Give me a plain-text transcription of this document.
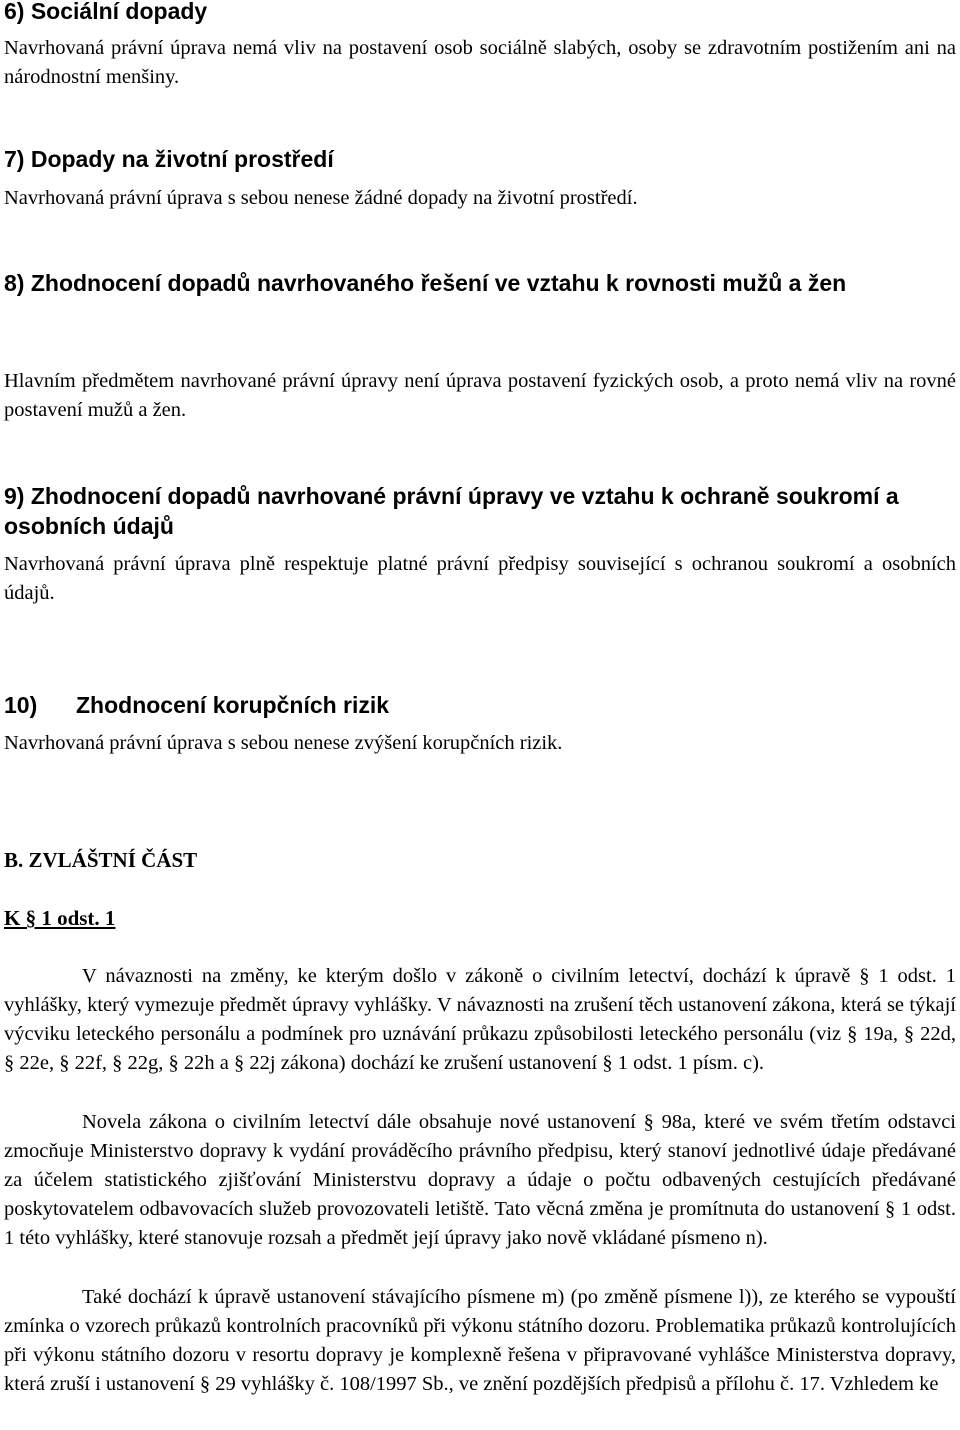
6) Sociální dopady

Navrhovaná právní úprava nemá vliv na postavení osob sociálně slabých, osoby se zdravotním postižením ani na národnostní menšiny.

7) Dopady na životní prostředí

Navrhovaná právní úprava s sebou nenese žádné dopady na životní prostředí.

8) Zhodnocení dopadů navrhovaného řešení ve vztahu k rovnosti mužů a žen

Hlavním předmětem navrhované právní úpravy není úprava postavení fyzických osob, a proto nemá vliv na rovné postavení mužů a žen.

9) Zhodnocení dopadů navrhované právní úpravy ve vztahu k ochraně soukromí a osobních údajů

Navrhovaná právní úprava plně respektuje platné právní předpisy související s ochranou soukromí a osobních údajů.

10) Zhodnocení korupčních rizik

Navrhovaná právní úprava s sebou nenese zvýšení korupčních rizik.

B. ZVLÁŠTNÍ ČÁST
K § 1 odst. 1

V návaznosti na změny, ke kterým došlo v zákoně o civilním letectví, dochází k úpravě § 1 odst. 1 vyhlášky, který vymezuje předmět úpravy vyhlášky. V návaznosti na zrušení těch ustanovení zákona, která se týkají výcviku leteckého personálu a podmínek pro uznávání průkazu způsobilosti leteckého personálu (viz § 19a, § 22d, § 22e, § 22f, § 22g, § 22h a § 22j zákona) dochází ke zrušení ustanovení § 1 odst. 1 písm. c).

Novela zákona o civilním letectví dále obsahuje nové ustanovení § 98a, které ve svém třetím odstavci zmocňuje Ministerstvo dopravy k vydání prováděcího právního předpisu, který stanoví jednotlivé údaje předávané za účelem statistického zjišťování Ministerstvu dopravy a údaje o počtu odbavených cestujících předávané poskytovatelem odbavovacích služeb provozovateli letiště. Tato věcná změna je promítnuta do ustanovení § 1 odst. 1 této vyhlášky, které stanovuje rozsah a předmět její úpravy jako nově vkládané písmeno n).

Také dochází k úpravě ustanovení stávajícího písmene m) (po změně písmene l)), ze kterého se vypouští zmínka o vzorech průkazů kontrolních pracovníků při výkonu státního dozoru. Problematika průkazů kontrolujících při výkonu státního dozoru v resortu dopravy je komplexně řešena v připravované vyhlášce Ministerstva dopravy, která zruší i ustanovení § 29 vyhlášky č. 108/1997 Sb., ve znění pozdějších předpisů a přílohu č. 17. Vzhledem ke
